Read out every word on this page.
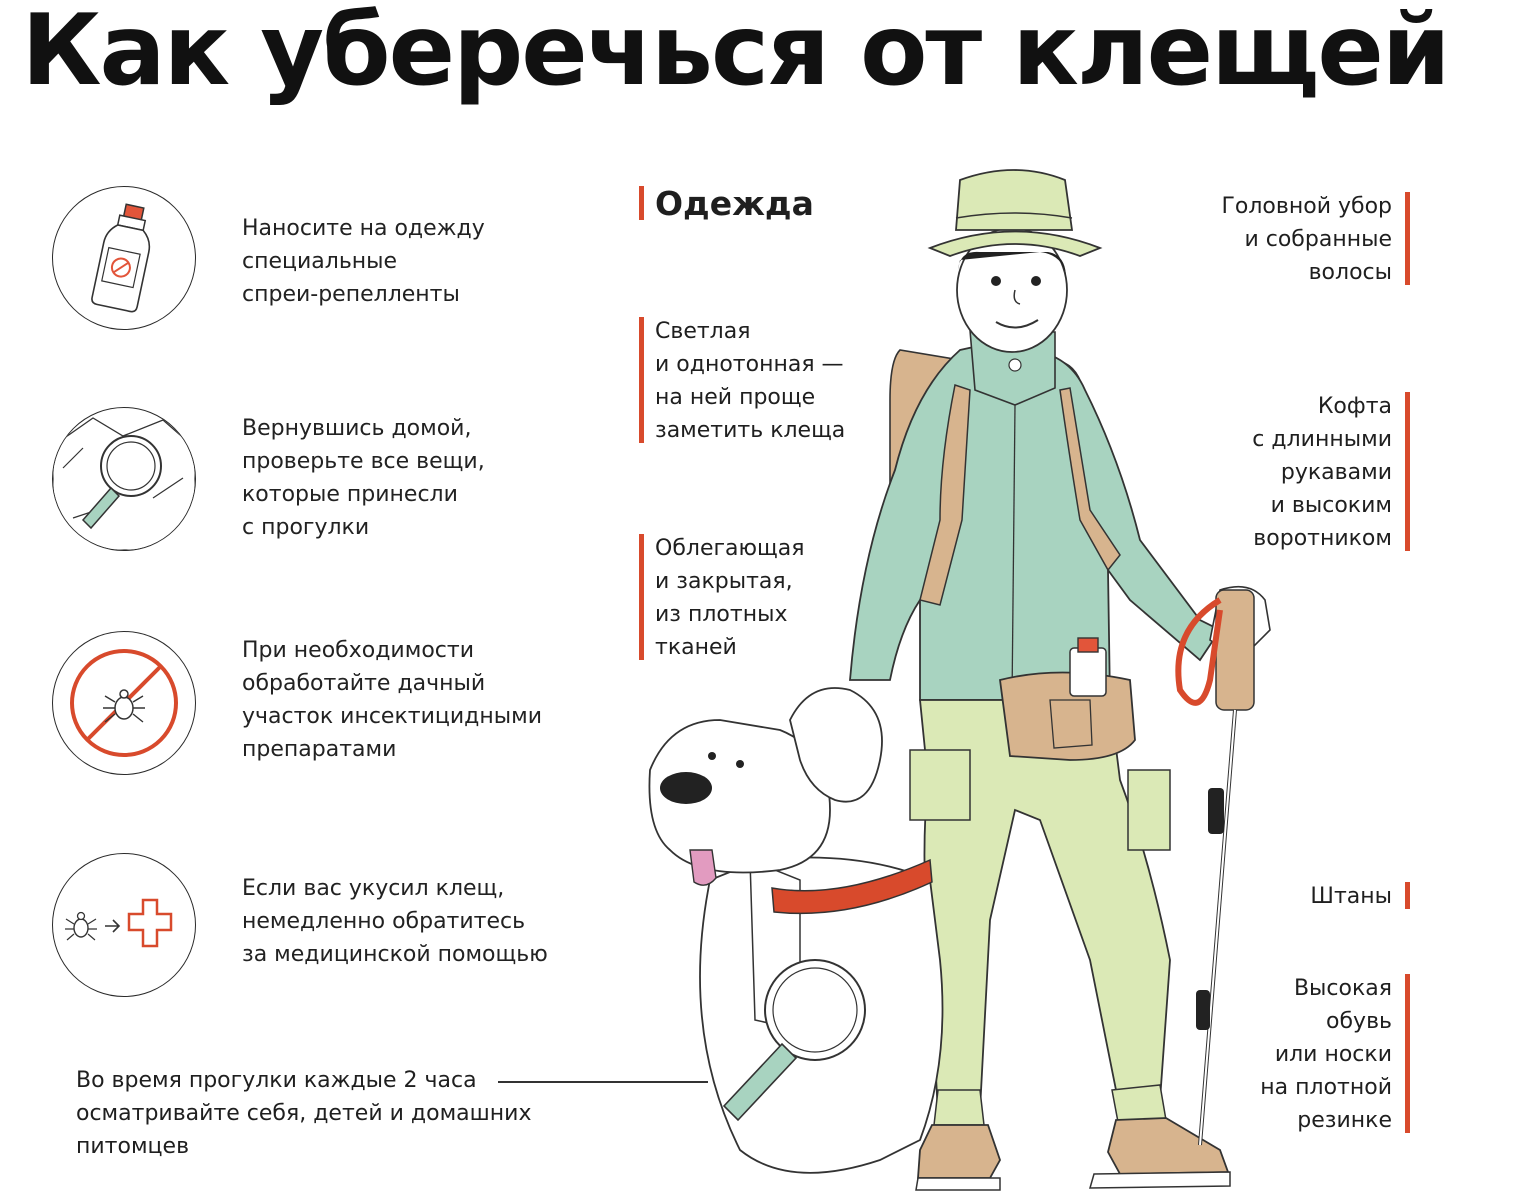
Как уберечься от клещей
Наносите на одежду
специальные
спреи-репелленты
Вернувшись домой,
проверьте все вещи,
которые принесли
с прогулки
При необходимости
обработайте дачный
участок инсектицидными
препаратами
Если вас укусил клещ,
немедленно обратитесь
за медицинской помощью
Во время прогулки каждые 2 часа
осматривайте себя, детей и домашних
питомцев
Одежда
Светлая
и однотонная —
на ней проще
заметить клеща
Облегающая
и закрытая,
из плотных
тканей
Головной убор
и собранные
волосы
Кофта
с длинными
рукавами
и высоким
воротником
Штаны
Высокая
обувь
или носки
на плотной
резинке
